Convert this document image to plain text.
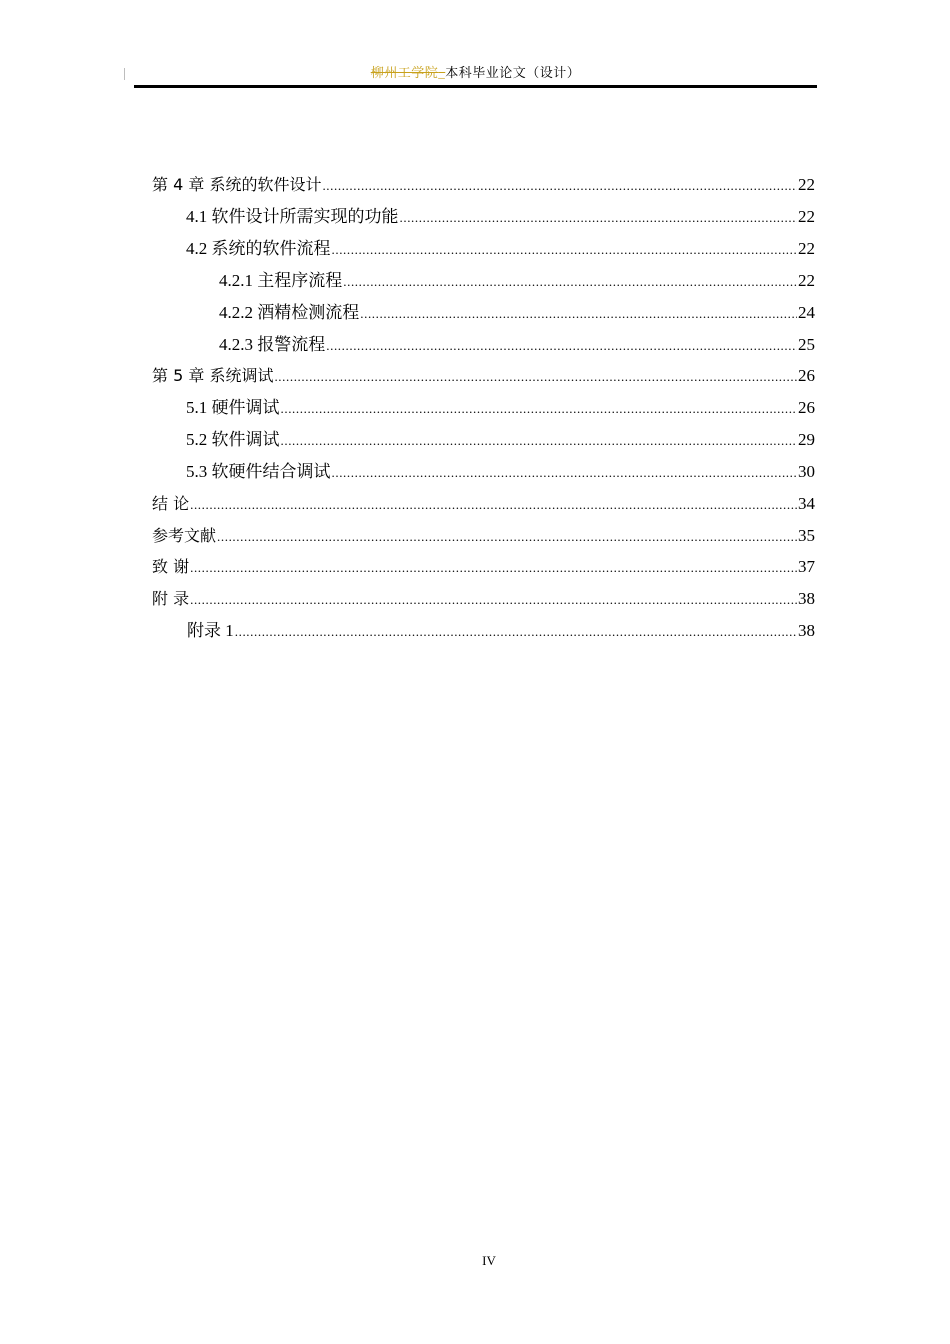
柳州工学院_本科毕业论文（设计）
第 4 章 系统的软件设计 .....	22
4.1 软件设计所需实现的功能 .....	22
4.2 系统的软件流程 .....	22
4.2.1 主程序流程 .....	22
4.2.2 酒精检测流程 .....	24
4.2.3 报警流程 .....	25
第 5 章 系统调试 .....	26
5.1 硬件调试 .....	26
5.2 软件调试 .....	29
5.3 软硬件结合调试 .....	30
结 论 .....	34
参考文献 .....	35
致 谢 .....	37
附 录 .....	38
附录 1 .....	38
IV
